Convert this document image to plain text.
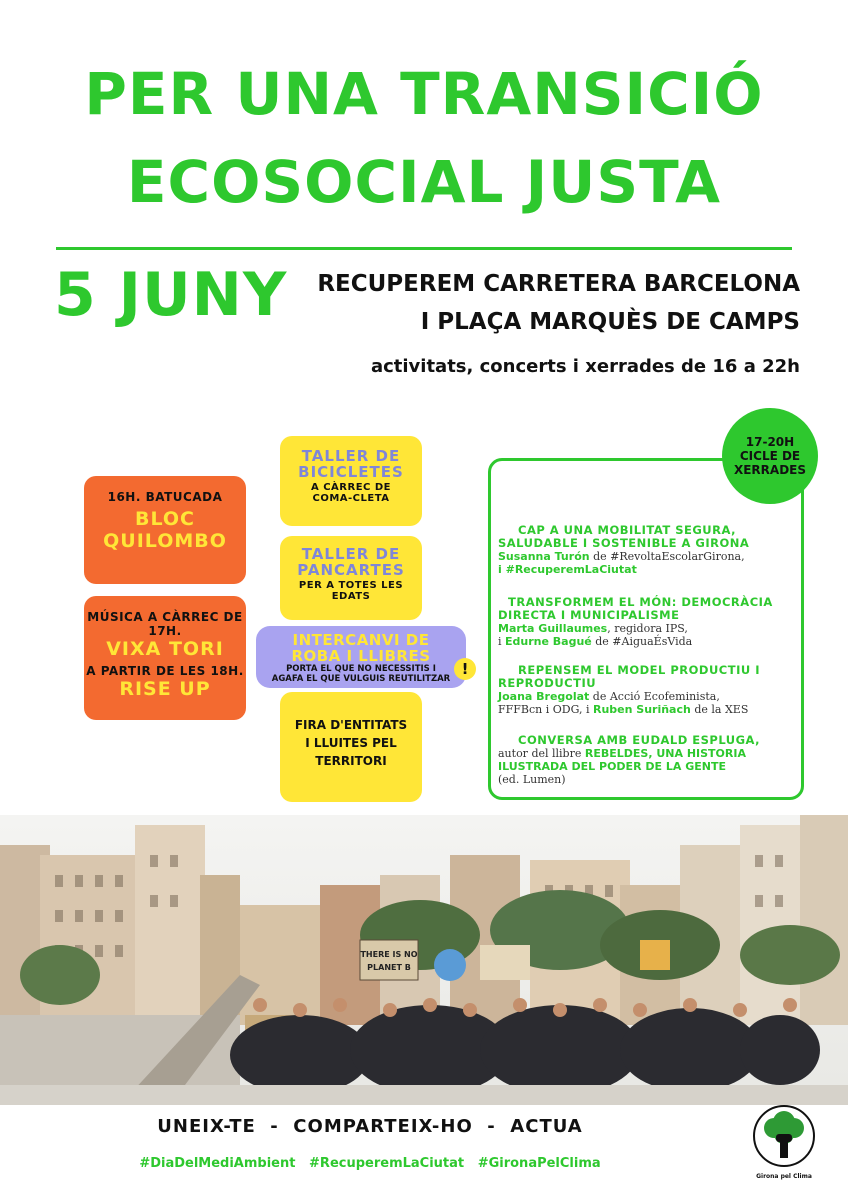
PER UNA TRANSICIÓ
ECOSOCIAL JUSTA
5 JUNY RECUPEREM CARRETERA BARCELONA
I PLAÇA MARQUÈS DE CAMPS
activitats, concerts i xerrades de 16 a 22h
16H. BATUCADA
BLOC
QUILOMBO
MÚSICA A CÀRREC DE
17H.
VIXA TORI
A PARTIR DE LES 18H.
RISE UP
TALLER DE
BICICLETES
A CÀRREC DE
COMA-CLETA
TALLER DE
PANCARTES
PER A TOTES LES
EDATS
INTERCANVI DE
ROBA I LLIBRES
PORTA EL QUE NO NECESSITIS I
AGAFA EL QUE VULGUIS REUTILITZAR
!
FIRA D'ENTITATS
I LLUITES PEL
TERRITORI
17-20H
CICLE DE
XERRADES
CAP A UNA MOBILITAT SEGURA,
SALUDABLE I SOSTENIBLE A GIRONA
Susanna Turón de #RevoltaEscolarGirona,
i #RecuperemLaCiutat
TRANSFORMEM EL MÓN: DEMOCRÀCIA
DIRECTA I MUNICIPALISME
Marta Guillaumes, regidora IPS,
i Edurne Bagué de #AiguaÉsVida
REPENSEM EL MODEL PRODUCTIU I
REPRODUCTIU
Joana Bregolat de Acció Ecofeminista,
FFFBcn i ODG, i Ruben Suriñach de la XES
CONVERSA AMB EUDALD ESPLUGA,
autor del llibre REBELDES, UNA HISTORIA ILUSTRADA DEL PODER DE LA GENTE
(ed. Lumen)
THERE IS NO
PLANET B
UNEIX-TE  -  COMPARTEIX-HO  -  ACTUA
#DiaDelMediAmbient   #RecuperemLaCiutat   #GironaPelClima
Girona pel Clima
